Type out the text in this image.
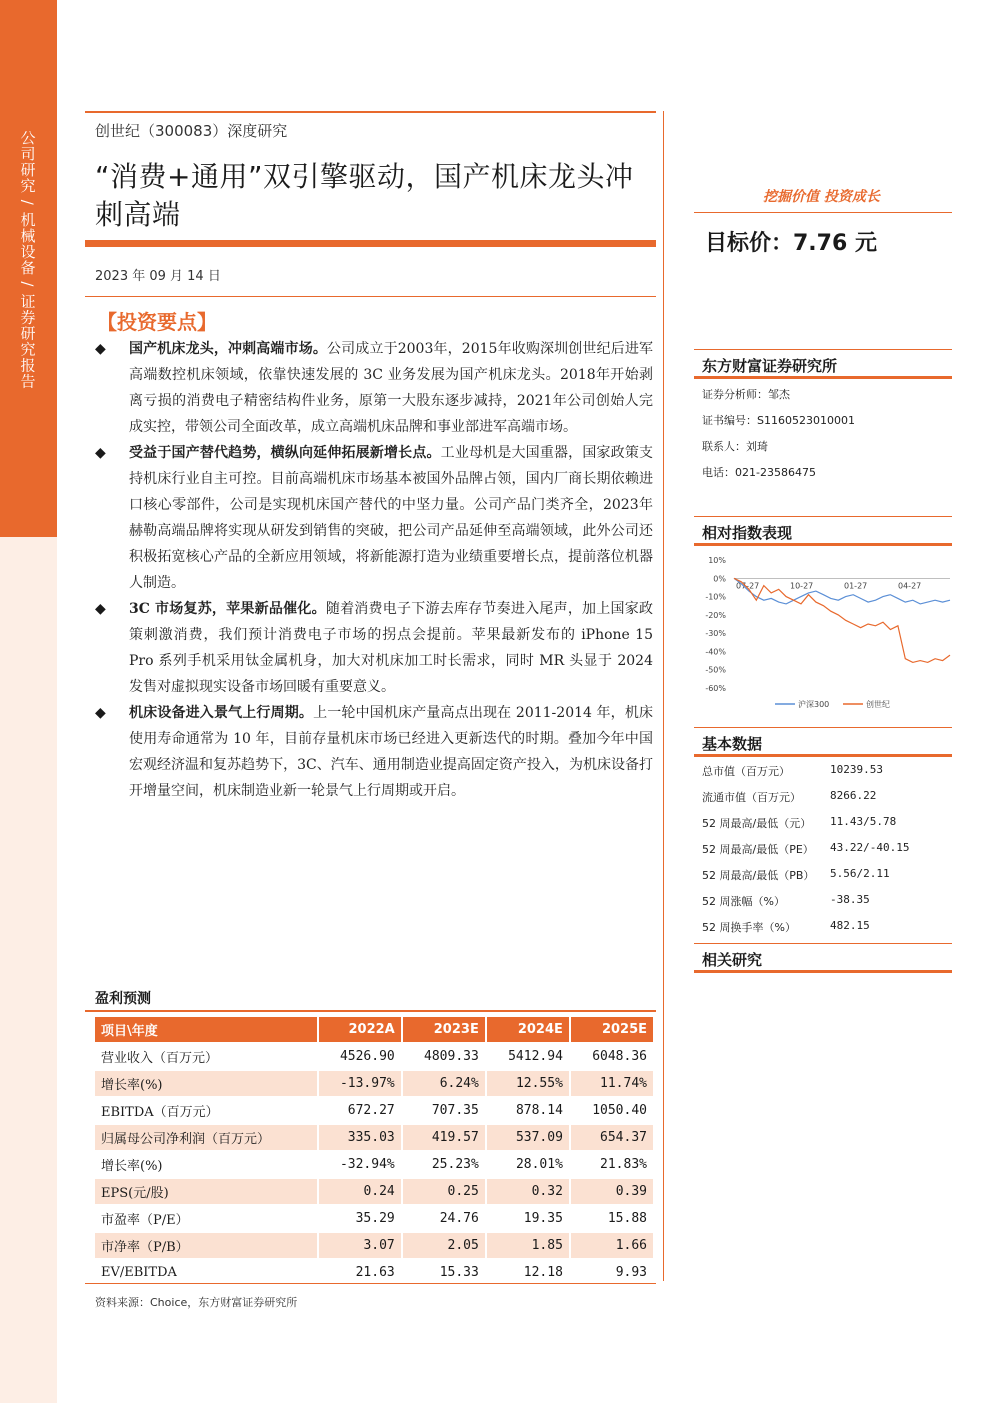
公司研究 / 机械设备 / 证券研究报告	创世纪（300083）深度研究
“消费+通用”双引擎驱动，国产机床龙头冲刺高端
2023 年 09 月 14 日
【投资要点】
◆ 国产机床龙头，冲刺高端市场。公司成立于2003年，2015年收购深圳创世纪后进军高端数控机床领域，依靠快速发展的 3C 业务发展为国产机床龙头。2018年开始剥离亏损的消费电子精密结构件业务，原第一大股东逐步减持，2021年公司创始人完成实控，带领公司全面改革，成立高端机床品牌和事业部进军高端市场。
◆ 受益于国产替代趋势，横纵向延伸拓展新增长点。工业母机是大国重器，国家政策支持机床行业自主可控。目前高端机床市场基本被国外品牌占领，国内厂商长期依赖进口核心零部件，公司是实现机床国产替代的中坚力量。公司产品门类齐全，2023年赫勒高端品牌将实现从研发到销售的突破，把公司产品延伸至高端领域，此外公司还积极拓宽核心产品的全新应用领域，将新能源打造为业绩重要增长点，提前落位机器人制造。
◆ 3C 市场复苏，苹果新品催化。随着消费电子下游去库存节奏进入尾声，加上国家政策刺激消费，我们预计消费电子市场的拐点会提前。苹果最新发布的 iPhone 15 Pro 系列手机采用钛金属机身，加大对机床加工时长需求，同时 MR 头显于 2024 发售对虚拟现实设备市场回暖有重要意义。
◆ 机床设备进入景气上行周期。上一轮中国机床产量高点出现在 2011-2014 年，机床使用寿命通常为 10 年，目前存量机床市场已经进入更新迭代的时期。叠加今年中国宏观经济温和复苏趋势下，3C、汽车、通用制造业提高固定资产投入，为机床设备打开增量空间，机床制造业新一轮景气上行周期或开启。
盈利预测
项目\年度	2022A	2023E	2024E	2025E
营业收入（百万元）	4526.90	4809.33	5412.94	6048.36
增长率(%)	-13.97%	6.24%	12.55%	11.74%
EBITDA（百万元）	672.27	707.35	878.14	1050.40
归属母公司净利润（百万元）	335.03	419.57	537.09	654.37
增长率(%)	-32.94%	25.23%	28.01%	21.83%
EPS(元/股)	0.24	0.25	0.32	0.39
市盈率（P/E）	35.29	24.76	19.35	15.88
市净率（P/B）	3.07	2.05	1.85	1.66
EV/EBITDA	21.63	15.33	12.18	9.93
资料来源：Choice，东方财富证券研究所
挖掘价值 投资成长
目标价：7.76 元
东方财富证券研究所
证券分析师：邹杰
证书编号：S1160523010001
联系人：刘琦
电话：021-23586475
相对指数表现
10%
0%
-10%
-20%
-30%
-40%
-50%
-60%
07-27	10-27	01-27	04-27
沪深300	创世纪
基本数据
总市值（百万元）	10239.53
流通市值（百万元）	8266.22
52 周最高/最低（元） 11.43/5.78
52 周最高/最低（PE） 43.22/-40.15
52 周最高/最低（PB） 5.56/2.11
52 周涨幅（%）	-38.35
52 周换手率（%）	482.15
相关研究
